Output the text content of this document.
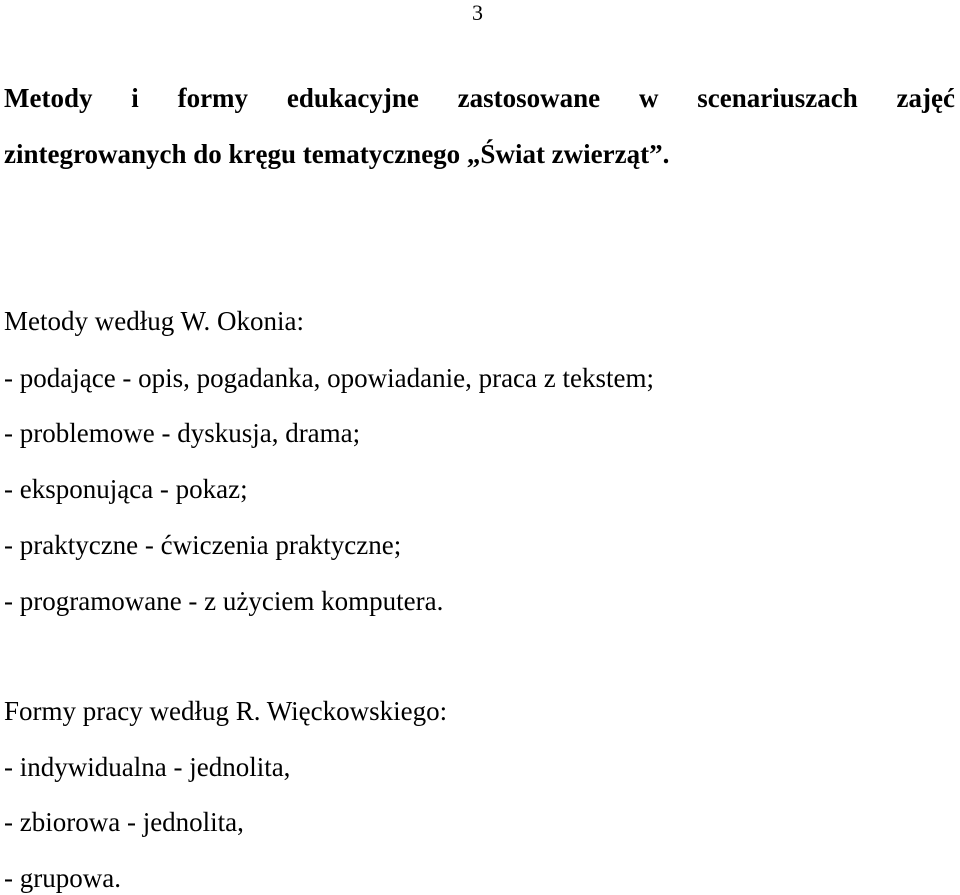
3
Metody i formy edukacyjne zastosowane w scenariuszach zajęć
zintegrowanych do kręgu tematycznego „Świat zwierząt”.
Metody według W. Okonia:
- podające - opis, pogadanka, opowiadanie, praca z tekstem;
- problemowe - dyskusja, drama;
- eksponująca - pokaz;
- praktyczne - ćwiczenia praktyczne;
- programowane - z użyciem komputera.
Formy pracy według R. Więckowskiego:
- indywidualna - jednolita,
- zbiorowa - jednolita,
- grupowa.
